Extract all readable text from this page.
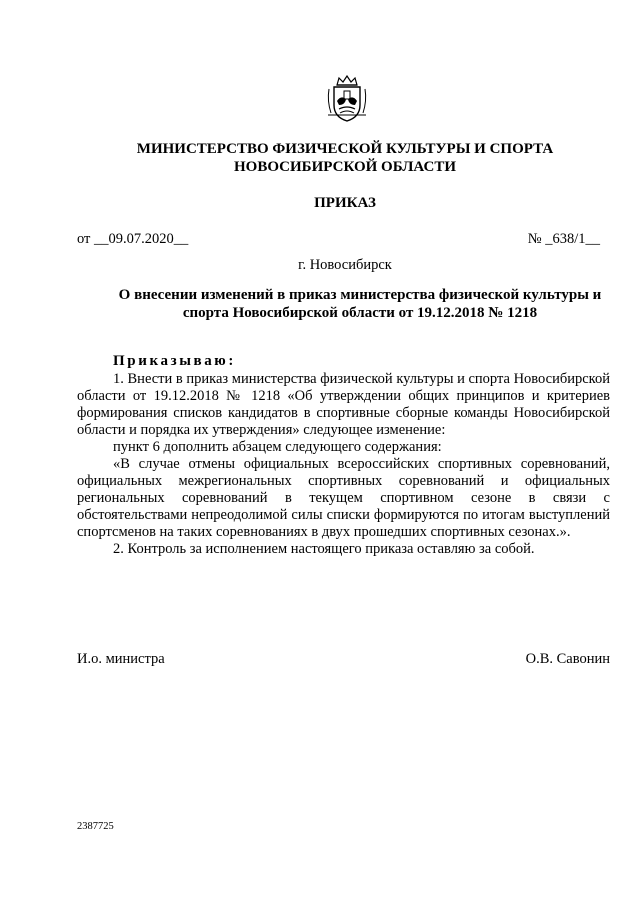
МИНИСТЕРСТВО ФИЗИЧЕСКОЙ КУЛЬТУРЫ И СПОРТА
НОВОСИБИРСКОЙ ОБЛАСТИ
ПРИКАЗ
от __09.07.2020__	№ _638/1__
г. Новосибирск
О внесении изменений в приказ министерства физической культуры и
спорта Новосибирской области от 19.12.2018 № 1218
Приказываю:

1. Внести в приказ министерства физической культуры и спорта Новосибирской области от 19.12.2018 № 1218 «Об утверждении общих принципов и критериев формирования списков кандидатов в спортивные сборные команды Новосибирской области и порядка их утверждения» следующее изменение:

пункт 6 дополнить абзацем следующего содержания:

«В случае отмены официальных всероссийских спортивных соревнований, официальных межрегиональных спортивных соревнований и официальных региональных соревнований в текущем спортивном сезоне в связи с обстоятельствами непреодолимой силы списки формируются по итогам выступлений спортсменов на таких соревнованиях в двух прошедших спортивных сезонах.».

2. Контроль за исполнением настоящего приказа оставляю за собой.

И.о. министра	О.В. Савонин
2387725
